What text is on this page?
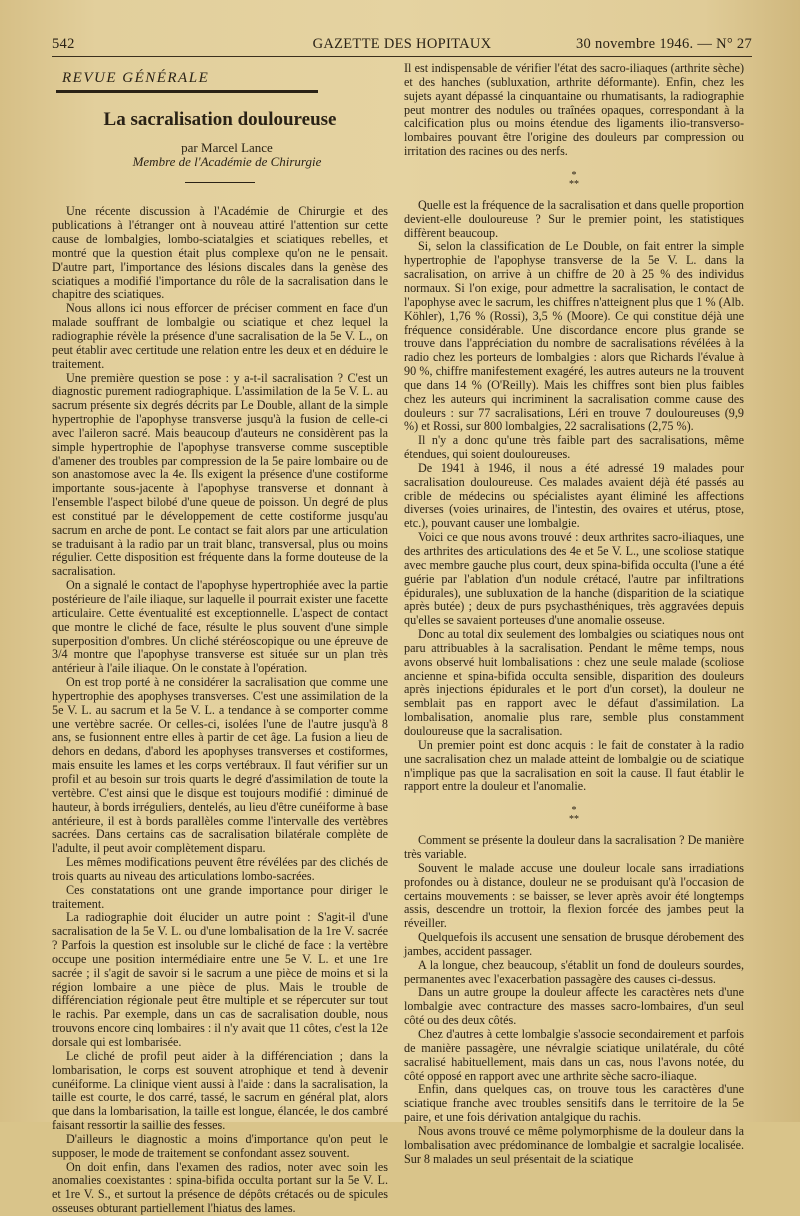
542	GAZETTE DES HOPITAUX	30 novembre 1946. — N° 27
REVUE GÉNÉRALE
La sacralisation douloureuse

par Marcel Lance

Membre de l'Académie de Chirurgie

Une récente discussion à l'Académie de Chirurgie et des publications à l'étranger ont à nouveau attiré l'attention sur cette cause de lombalgies, lombo-sciatalgies et sciatiques rebelles, et montré que la question était plus complexe qu'on ne le pensait. D'autre part, l'importance des lésions discales dans la genèse des sciatiques a modifié l'importance du rôle de la sacralisation dans le chapitre des sciatiques.

Nous allons ici nous efforcer de préciser comment en face d'un malade souffrant de lombalgie ou sciatique et chez lequel la radiographie révèle la présence d'une sacralisation de la 5e V. L., on peut établir avec certitude une relation entre les deux et en déduire le traitement.

Une première question se pose : y a-t-il sacralisation ? C'est un diagnostic purement radiographique. L'assimilation de la 5e V. L. au sacrum présente six degrés décrits par Le Double, allant de la simple hypertrophie de l'apophyse transverse jusqu'à la fusion de celle-ci avec l'aileron sacré. Mais beaucoup d'auteurs ne considèrent pas la simple hypertrophie de l'apophyse transverse comme susceptible d'amener des troubles par compression de la 5e paire lombaire ou de son anastomose avec la 4e. Ils exigent la présence d'une costiforme importante sous-jacente à l'apophyse transverse et donnant à l'ensemble l'aspect bilobé d'une queue de poisson. Un degré de plus est constitué par le développement de cette costiforme jusqu'au sacrum en arche de pont. Le contact se fait alors par une articulation se traduisant à la radio par un trait blanc, transversal, plus ou moins régulier. Cette disposition est fréquente dans la forme douteuse de la sacralisation.

On a signalé le contact de l'apophyse hypertrophiée avec la partie postérieure de l'aile iliaque, sur laquelle il pourrait exister une facette articulaire. Cette éventualité est exceptionnelle. L'aspect de contact que montre le cliché de face, résulte le plus souvent d'une simple superposition d'ombres. Un cliché stéréoscopique ou une épreuve de 3/4 montre que l'apophyse transverse est située sur un plan très antérieur à l'aile iliaque. On le constate à l'opération.

On est trop porté à ne considérer la sacralisation que comme une hypertrophie des apophyses transverses. C'est une assimilation de la 5e V. L. au sacrum et la 5e V. L. a tendance à se comporter comme une vertèbre sacrée. Or celles-ci, isolées l'une de l'autre jusqu'à 8 ans, se fusionnent entre elles à partir de cet âge. La fusion a lieu de dehors en dedans, d'abord les apophyses transverses et costiformes, mais ensuite les lames et les corps vertébraux. Il faut vérifier sur un profil et au besoin sur trois quarts le degré d'assimilation de toute la vertèbre. C'est ainsi que le disque est toujours modifié : diminué de hauteur, à bords irréguliers, dentelés, au lieu d'être cunéiforme à base antérieure, il est à bords parallèles comme l'intervalle des vertèbres sacrées. Dans certains cas de sacralisation bilatérale complète de l'adulte, il peut avoir complètement disparu.

Les mêmes modifications peuvent être révélées par des clichés de trois quarts au niveau des articulations lombo-sacrées.

Ces constatations ont une grande importance pour diriger le traitement.

La radiographie doit élucider un autre point : S'agit-il d'une sacralisation de la 5e V. L. ou d'une lombalisation de la 1re V. sacrée ? Parfois la question est insoluble sur le cliché de face : la vertèbre occupe une position intermédiaire entre une 5e V. L. et une 1re sacrée ; il s'agit de savoir si le sacrum a une pièce de moins et si la région lombaire a une pièce de plus. Mais le trouble de différenciation régionale peut être multiple et se répercuter sur tout le rachis. Par exemple, dans un cas de sacralisation double, nous trouvons encore cinq lombaires : il n'y avait que 11 côtes, c'est la 12e dorsale qui est lombarisée.

Le cliché de profil peut aider à la différenciation ; dans la lombarisation, le corps est souvent atrophique et tend à devenir cunéiforme. La clinique vient aussi à l'aide : dans la sacralisation, la taille est courte, le dos carré, tassé, le sacrum en général plat, alors que dans la lombarisation, la taille est longue, élancée, le dos cambré faisant ressortir la saillie des fesses.

D'ailleurs le diagnostic a moins d'importance qu'on peut le supposer, le mode de traitement se confondant assez souvent.

On doit enfin, dans l'examen des radios, noter avec soin les anomalies coexistantes : spina-bifida occulta portant sur la 5e V. L. et 1re V. S., et surtout la présence de dépôts crétacés ou de spicules osseuses obturant partiellement l'hiatus des lames.

Il est indispensable de vérifier l'état des sacro-iliaques (arthrite sèche) et des hanches (subluxation, arthrite déformante). Enfin, chez les sujets ayant dépassé la cinquantaine ou rhumatisants, la radiographie peut montrer des nodules ou traînées opaques, correspondant à la calcification plus ou moins étendue des ligaments ilio-transverso-lombaires pouvant être l'origine des douleurs par compression ou irritation des racines ou des nerfs.

*
**

Quelle est la fréquence de la sacralisation et dans quelle proportion devient-elle douloureuse ? Sur le premier point, les statistiques diffèrent beaucoup.

Si, selon la classification de Le Double, on fait entrer la simple hypertrophie de l'apophyse transverse de la 5e V. L. dans la sacralisation, on arrive à un chiffre de 20 à 25 % des individus normaux. Si l'on exige, pour admettre la sacralisation, le contact de l'apophyse avec le sacrum, les chiffres n'atteignent plus que 1 % (Alb. Köhler), 1,76 % (Rossi), 3,5 % (Moore). Ce qui constitue déjà une fréquence considérable. Une discordance encore plus grande se trouve dans l'appréciation du nombre de sacralisations révélées à la radio chez les porteurs de lombalgies : alors que Richards l'évalue à 90 %, chiffre manifestement exagéré, les autres auteurs ne la trouvent que dans 14 % (O'Reilly). Mais les chiffres sont bien plus faibles chez les auteurs qui incriminent la sacralisation comme cause des douleurs : sur 77 sacralisations, Léri en trouve 7 douloureuses (9,9 %) et Rossi, sur 800 lombalgies, 22 sacralisations (2,75 %).

Il n'y a donc qu'une très faible part des sacralisations, même étendues, qui soient douloureuses.

De 1941 à 1946, il nous a été adressé 19 malades pour sacralisation douloureuse. Ces malades avaient déjà été passés au crible de médecins ou spécialistes ayant éliminé les affections diverses (voies urinaires, de l'intestin, des ovaires et utérus, ptose, etc.), pouvant causer une lombalgie.

Voici ce que nous avons trouvé : deux arthrites sacro-iliaques, une des arthrites des articulations des 4e et 5e V. L., une scoliose statique avec membre gauche plus court, deux spina-bifida occulta (l'une a été guérie par l'ablation d'un nodule crétacé, l'autre par infiltrations épidurales), une subluxation de la hanche (disparition de la sciatique après butée) ; deux de purs psychasthéniques, très aggravées depuis qu'elles se savaient porteuses d'une anomalie osseuse.

Donc au total dix seulement des lombalgies ou sciatiques nous ont paru attribuables à la sacralisation. Pendant le même temps, nous avons observé huit lombalisations : chez une seule malade (scoliose ancienne et spina-bifida occulta sensible, disparition des douleurs après injections épidurales et le port d'un corset), la douleur ne semblait pas en rapport avec le défaut d'assimilation. La lombalisation, anomalie plus rare, semble plus constamment douloureuse que la sacralisation.

Un premier point est donc acquis : le fait de constater à la radio une sacralisation chez un malade atteint de lombalgie ou de sciatique n'implique pas que la sacralisation en soit la cause. Il faut établir le rapport entre la douleur et l'anomalie.

*
**

Comment se présente la douleur dans la sacralisation ? De manière très variable.

Souvent le malade accuse une douleur locale sans irradiations profondes ou à distance, douleur ne se produisant qu'à l'occasion de certains mouvements : se baisser, se lever après avoir été longtemps assis, descendre un trottoir, la flexion forcée des jambes peut la réveiller.

Quelquefois ils accusent une sensation de brusque dérobement des jambes, accident passager.

A la longue, chez beaucoup, s'établit un fond de douleurs sourdes, permanentes avec l'exacerbation passagère des causes ci-dessus.

Dans un autre groupe la douleur affecte les caractères nets d'une lombalgie avec contracture des masses sacro-lombaires, d'un seul côté ou des deux côtés.

Chez d'autres à cette lombalgie s'associe secondairement et parfois de manière passagère, une névralgie sciatique unilatérale, du côté sacralisé habituellement, mais dans un cas, nous l'avons notée, du côté opposé en rapport avec une arthrite sèche sacro-iliaque.

Enfin, dans quelques cas, on trouve tous les caractères d'une sciatique franche avec troubles sensitifs dans le territoire de la 5e paire, et une fois dérivation antalgique du rachis.

Nous avons trouvé ce même polymorphisme de la douleur dans la lombalisation avec prédominance de lombalgie et sacralgie localisée. Sur 8 malades un seul présentait de la sciatique
